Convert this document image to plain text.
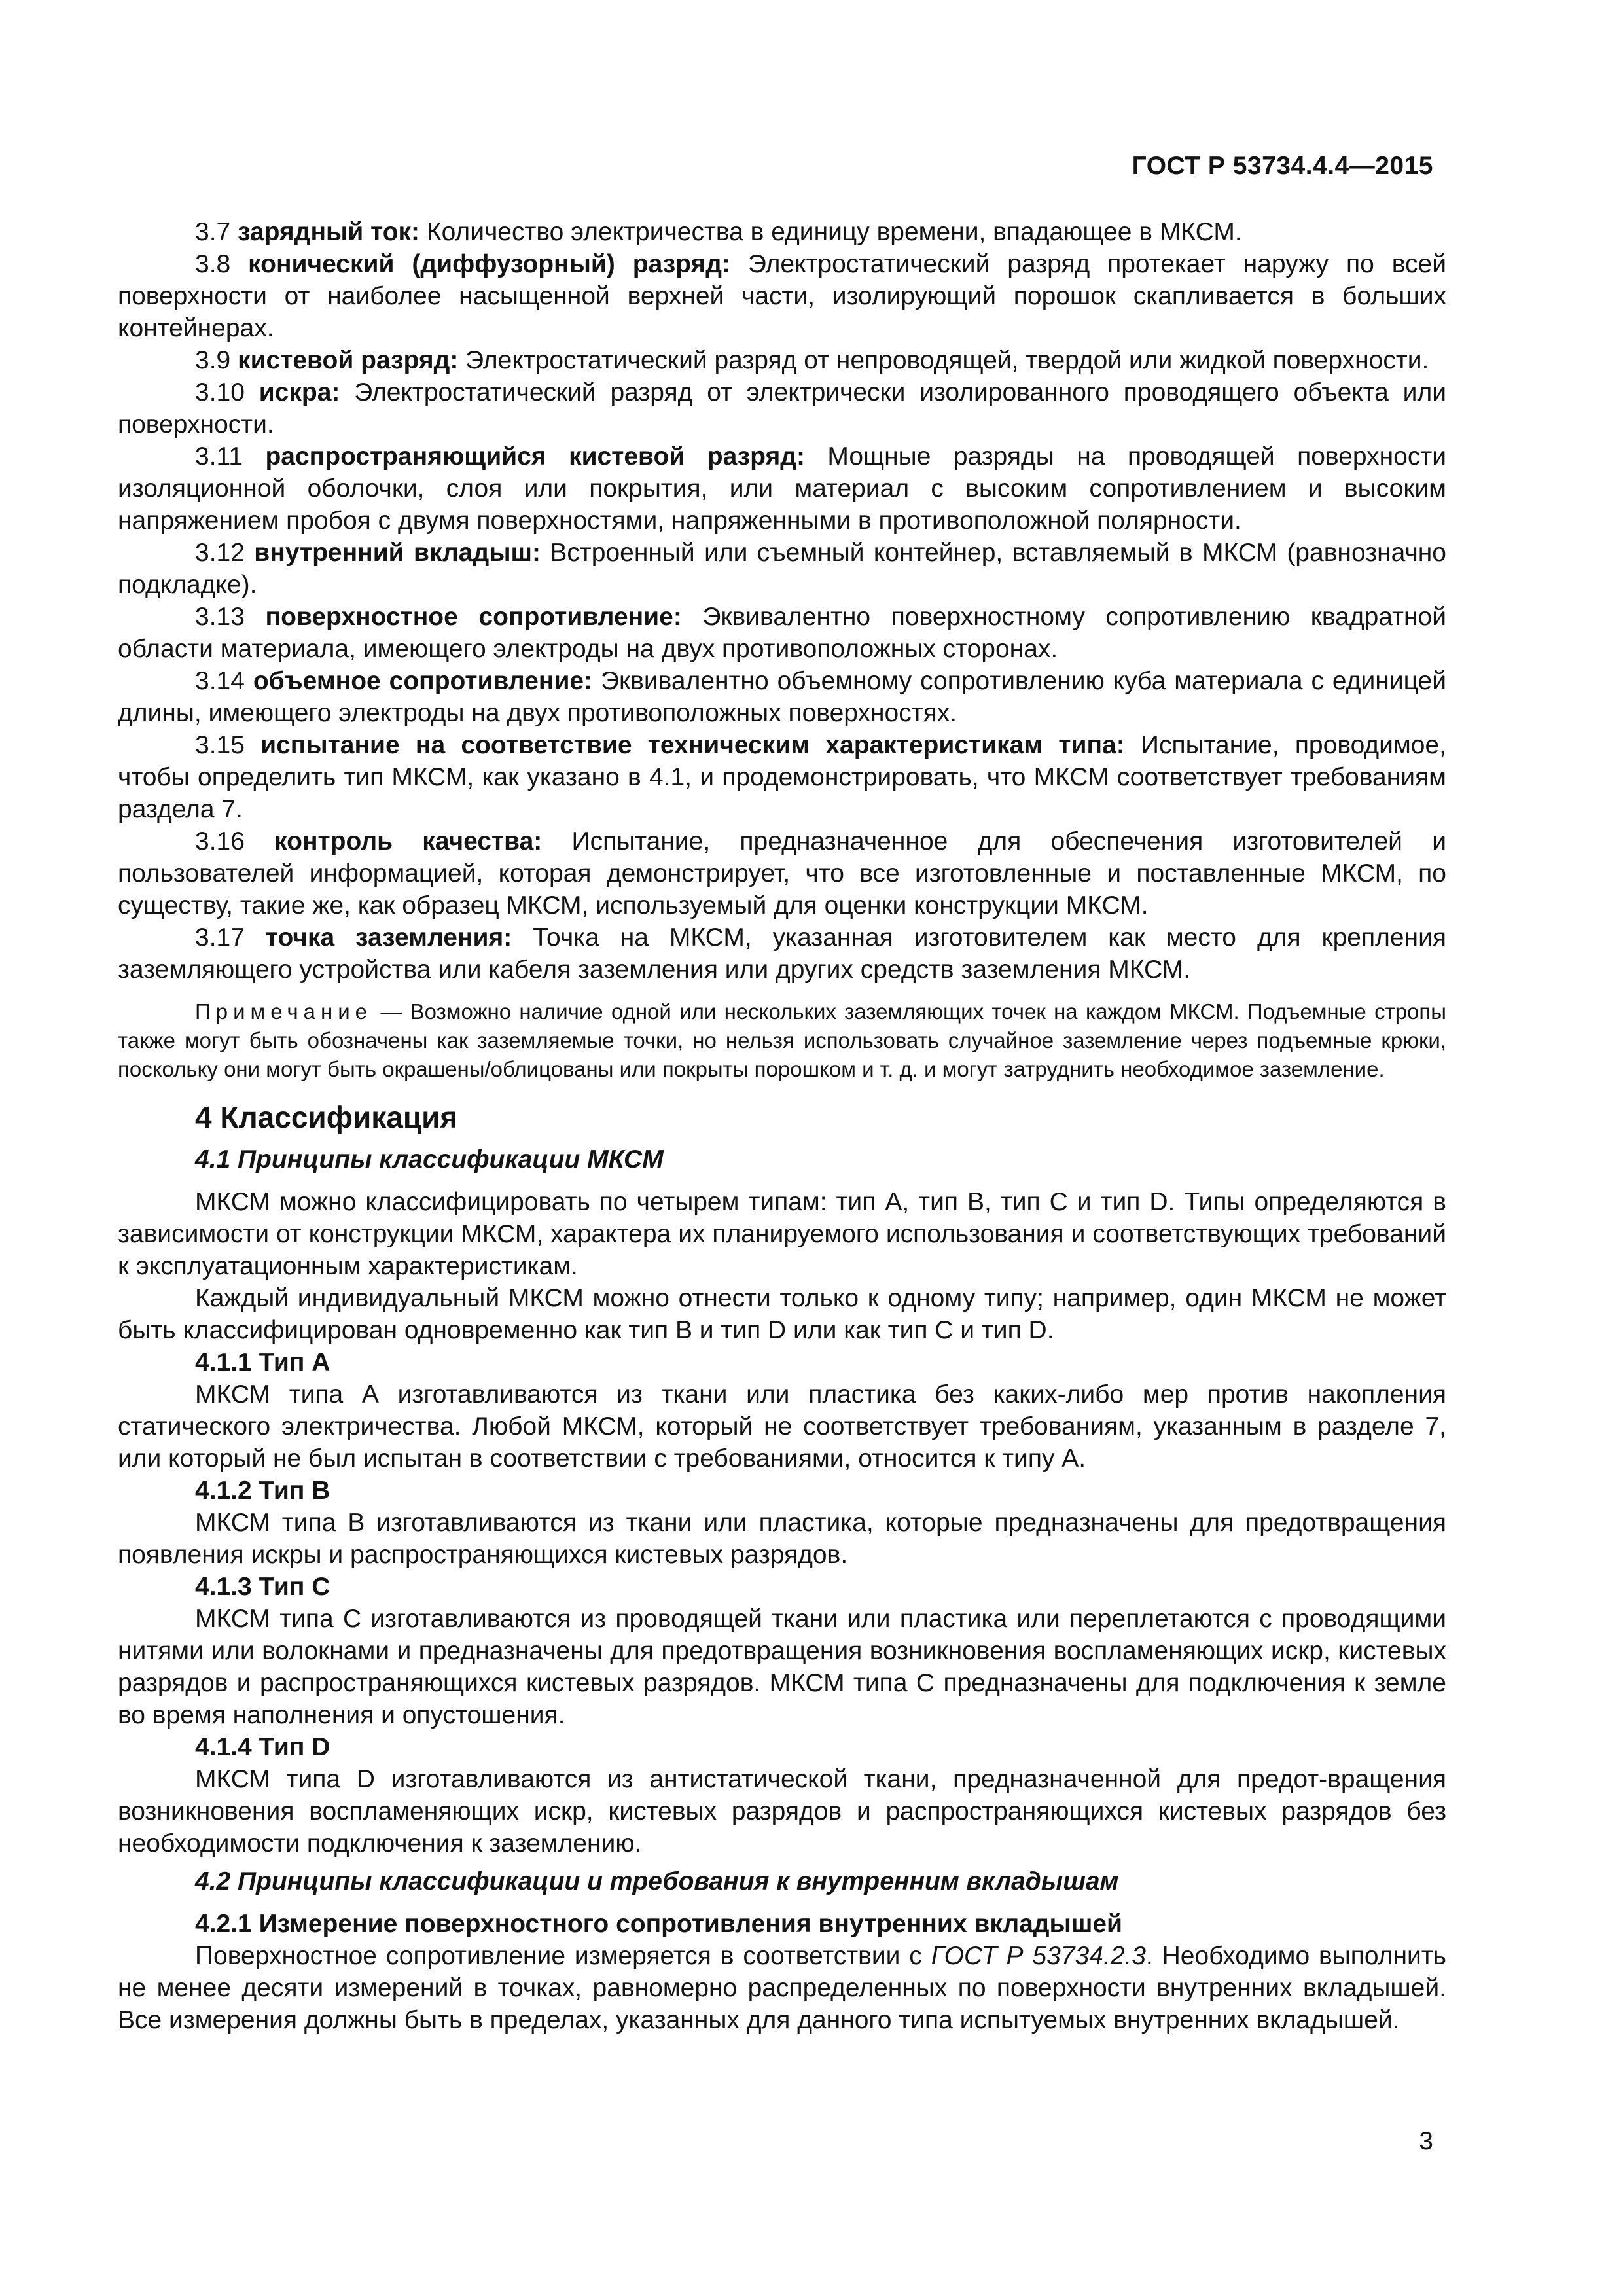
ГОСТ Р 53734.4.4—2015

3.7 зарядный ток: Количество электричества в единицу времени, впадающее в МКСМ.

3.8 конический (диффузорный) разряд: Электростатический разряд протекает наружу по всей поверхности от наиболее насыщенной верхней части, изолирующий порошок скапливается в больших контейнерах.

3.9 кистевой разряд: Электростатический разряд от непроводящей, твердой или жидкой поверхности.

3.10 искра: Электростатический разряд от электрически изолированного проводящего объекта или поверхности.

3.11 распространяющийся кистевой разряд: Мощные разряды на проводящей поверхности изоляционной оболочки, слоя или покрытия, или материал с высоким сопротивлением и высоким напряжением пробоя с двумя поверхностями, напряженными в противоположной полярности.

3.12 внутренний вкладыш: Встроенный или съемный контейнер, вставляемый в МКСМ (равнозначно подкладке).

3.13 поверхностное сопротивление: Эквивалентно поверхностному сопротивлению квадратной области материала, имеющего электроды на двух противоположных сторонах.

3.14 объемное сопротивление: Эквивалентно объемному сопротивлению куба материала с единицей длины, имеющего электроды на двух противоположных поверхностях.

3.15 испытание на соответствие техническим характеристикам типа: Испытание, проводимое, чтобы определить тип МКСМ, как указано в 4.1, и продемонстрировать, что МКСМ соответствует требованиям раздела 7.

3.16 контроль качества: Испытание, предназначенное для обеспечения изготовителей и пользователей информацией, которая демонстрирует, что все изготовленные и поставленные МКСМ, по существу, такие же, как образец МКСМ, используемый для оценки конструкции МКСМ.

3.17 точка заземления: Точка на МКСМ, указанная изготовителем как место для крепления заземляющего устройства или кабеля заземления или других средств заземления МКСМ.

Примечание — Возможно наличие одной или нескольких заземляющих точек на каждом МКСМ. Подъемные стропы также могут быть обозначены как заземляемые точки, но нельзя использовать случайное заземление через подъемные крюки, поскольку они могут быть окрашены/облицованы или покрыты порошком и т. д. и могут затруднить необходимое заземление.

4 Классификация
4.1 Принципы классификации МКСМ

МКСМ можно классифицировать по четырем типам: тип А, тип В, тип С и тип D. Типы определяются в зависимости от конструкции МКСМ, характера их планируемого использования и соответствующих требований к эксплуатационным характеристикам.

Каждый индивидуальный МКСМ можно отнести только к одному типу; например, один МКСМ не может быть классифицирован одновременно как тип В и тип D или как тип С и тип D.

4.1.1 Тип А

МКСМ типа А изготавливаются из ткани или пластика без каких-либо мер против накопления статического электричества. Любой МКСМ, который не соответствует требованиям, указанным в разделе 7, или который не был испытан в соответствии с требованиями, относится к типу А.

4.1.2 Тип В

МКСМ типа В изготавливаются из ткани или пластика, которые предназначены для предотвращения появления искры и распространяющихся кистевых разрядов.

4.1.3 Тип С

МКСМ типа С изготавливаются из проводящей ткани или пластика или переплетаются с проводящими нитями или волокнами и предназначены для предотвращения возникновения воспламеняющих искр, кистевых разрядов и распространяющихся кистевых разрядов. МКСМ типа С предназначены для подключения к земле во время наполнения и опустошения.

4.1.4 Тип D

МКСМ типа D изготавливаются из антистатической ткани, предназначенной для предот-вращения возникновения воспламеняющих искр, кистевых разрядов и распространяющихся кистевых разрядов без необходимости подключения к заземлению.

4.2 Принципы классификации и требования к внутренним вкладышам
4.2.1 Измерение поверхностного сопротивления внутренних вкладышей

Поверхностное сопротивление измеряется в соответствии с ГОСТ Р 53734.2.3. Необходимо выполнить не менее десяти измерений в точках, равномерно распределенных по поверхности внутренних вкладышей. Все измерения должны быть в пределах, указанных для данного типа испытуемых внутренних вкладышей.

3
